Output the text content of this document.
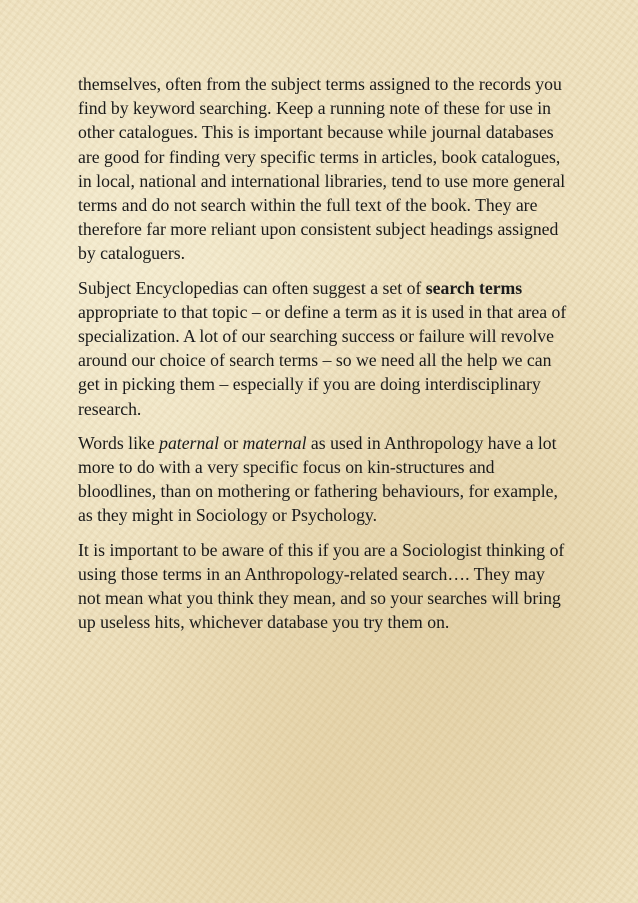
themselves, often from the subject terms assigned to the records you find by keyword searching. Keep a running note of these for use in other catalogues. This is important because while journal databases are good for finding very specific terms in articles, book catalogues, in local, national and international libraries, tend to use more general terms and do not search within the full text of the book. They are therefore far more reliant upon consistent subject headings assigned by cataloguers.

Subject Encyclopedias can often suggest a set of search terms appropriate to that topic – or define a term as it is used in that area of specialization. A lot of our searching success or failure will revolve around our choice of search terms – so we need all the help we can get in picking them – especially if you are doing interdisciplinary research.

Words like paternal or maternal as used in Anthropology have a lot more to do with a very specific focus on kin-structures and bloodlines, than on mothering or fathering behaviours, for example, as they might in Sociology or Psychology.

It is important to be aware of this if you are a Sociologist thinking of using those terms in an Anthropology-related search…. They may not mean what you think they mean, and so your searches will bring up useless hits, whichever database you try them on.
